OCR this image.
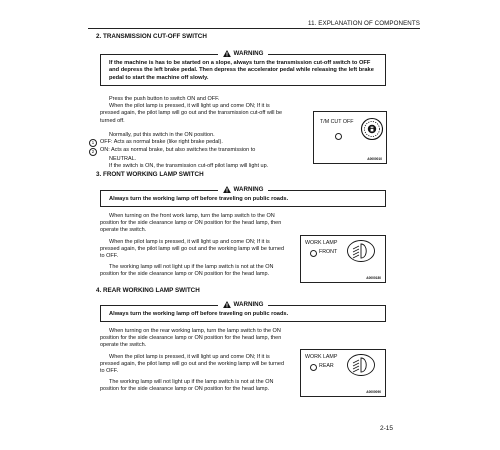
11. EXPLANATION OF COMPONENTS
2. TRANSMISSION CUT-OFF SWITCH
WARNING
If the machine is has to be started on a slope, always turn the transmission cut-off switch to OFF
and depress the left brake pedal. Then depress the accelerator pedal while releasing the left brake
pedal to start the machine off slowly.

Press the push button to switch ON and OFF.

When the pilot lamp is pressed, it will light up and come ON; If it is

pressed again, the pilot lamp will go out and the transmission cut-off will be

turned off.

Normally, put this switch in the ON position.

1	OFF: Acts as normal brake (like right brake pedal).
2	ON: Acts as normal brake, but also switches the transmission to

NEUTRAL.

If the switch is ON, the transmission cut-off pilot lamp will light up.

T/M CUT OFF
A0000010
3. FRONT WORKING LAMP SWITCH
WARNING
Always turn the working lamp off before traveling on public roads.

When turning on the front work lamp, turn the lamp switch to the ON

position for the side clearance lamp or ON position for the head lamp, then

operate the switch.

When the pilot lamp is pressed, it will light up and come ON; If it is

pressed again, the pilot lamp will go out and the working lamp will be turned

to OFF.

The working lamp will not light up if the lamp switch is not at the ON

position for the side clearance lamp or ON position for the head lamp.

WORK LAMP
FRONT
A0000180
4. REAR WORKING LAMP SWITCH
WARNING
Always turn the working lamp off before traveling on public roads.

When turning on the rear working lamp, turn the lamp switch to the ON

position for the side clearance lamp or ON position for the head lamp, then

operate the switch.

When the pilot lamp is pressed, it will light up and come ON; If it is

pressed again, the pilot lamp will go out and the working lamp will be turned

to OFF.

The working lamp will not light up if the lamp switch is not at the ON

position for the side clearance lamp or ON position for the head lamp.

WORK LAMP
REAR
A0000090
2-15
